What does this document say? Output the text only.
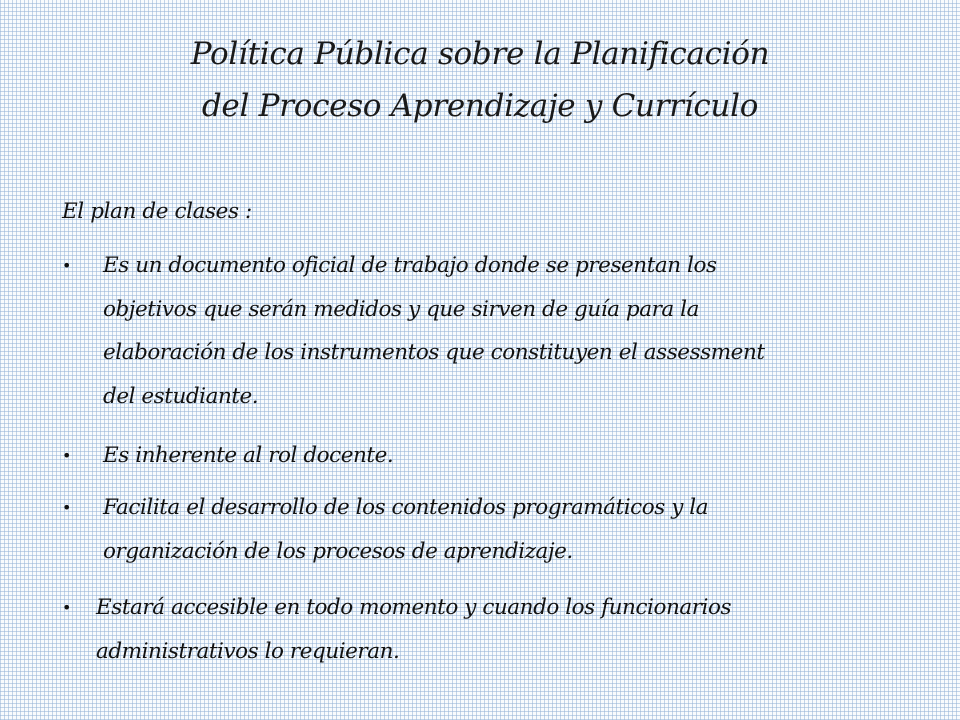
Política Pública sobre la Planificación
del Proceso Aprendizaje y Currículo
El plan de clases :
• Es un documento oficial de trabajo donde se presentan los
objetivos que serán medidos y que sirven de guía para la
elaboración de los instrumentos que constituyen el assessment
del estudiante.
• Es inherente al rol docente.
• Facilita el desarrollo de los contenidos programáticos y la
organización de los procesos de aprendizaje.
• Estará accesible en todo momento y cuando los funcionarios
administrativos lo requieran.
